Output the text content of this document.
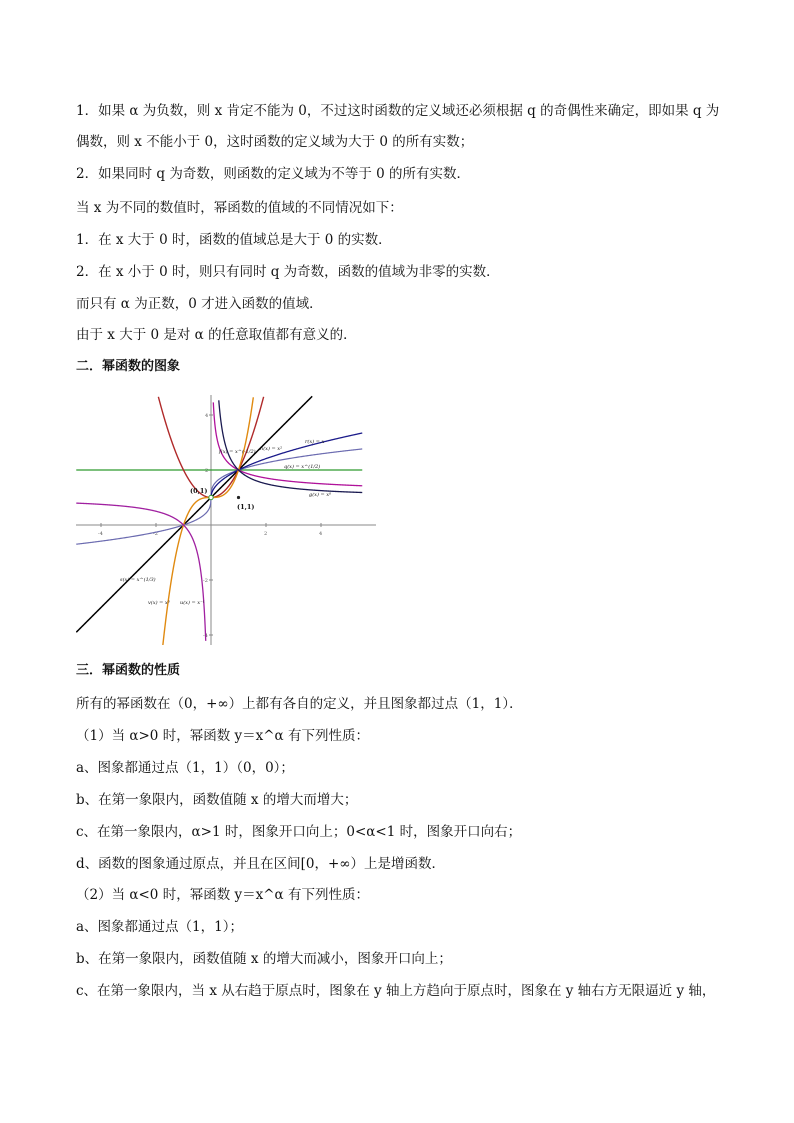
1．如果 α 为负数，则 x 肯定不能为 0，不过这时函数的定义域还必须根据 q 的奇偶性来确定，即如果 q 为
偶数，则 x 不能小于 0，这时函数的定义域为大于 0 的所有实数；
2．如果同时 q 为奇数，则函数的定义域为不等于 0 的所有实数．
当 x 为不同的数值时，幂函数的值域的不同情况如下：
1．在 x 大于 0 时，函数的值域总是大于 0 的实数．
2．在 x 小于 0 时，则只有同时 q 为奇数，函数的值域为非零的实数．
而只有 α 为正数，0 才进入函数的值域．
由于 x 大于 0 是对 α 的任意取值都有意义的．
二．幂函数的图象
-4	-2	2	4
4
2
-2
-4
(0,1)
(1,1)
f(x) = x^(-1/2) h(x) = x²
r(x) = x
q(x) = x^(1/2)
g(x) = x⁰
s(x) = x^(1/3)
v(x) = x³ u(x) = x⁻¹
三．幂函数的性质
所有的幂函数在（0，+∞）上都有各自的定义，并且图象都过点（1，1）．
（1）当 α>0 时，幂函数 y＝x^α 有下列性质：
a、图象都通过点（1，1）（0，0）；
b、在第一象限内，函数值随 x 的增大而增大；
c、在第一象限内，α>1 时，图象开口向上；0<α<1 时，图象开口向右；
d、函数的图象通过原点，并且在区间[0，+∞）上是增函数．
（2）当 α<0 时，幂函数 y＝x^α 有下列性质：
a、图象都通过点（1，1）；
b、在第一象限内，函数值随 x 的增大而减小，图象开口向上；
c、在第一象限内，当 x 从右趋于原点时，图象在 y 轴上方趋向于原点时，图象在 y 轴右方无限逼近 y 轴，
